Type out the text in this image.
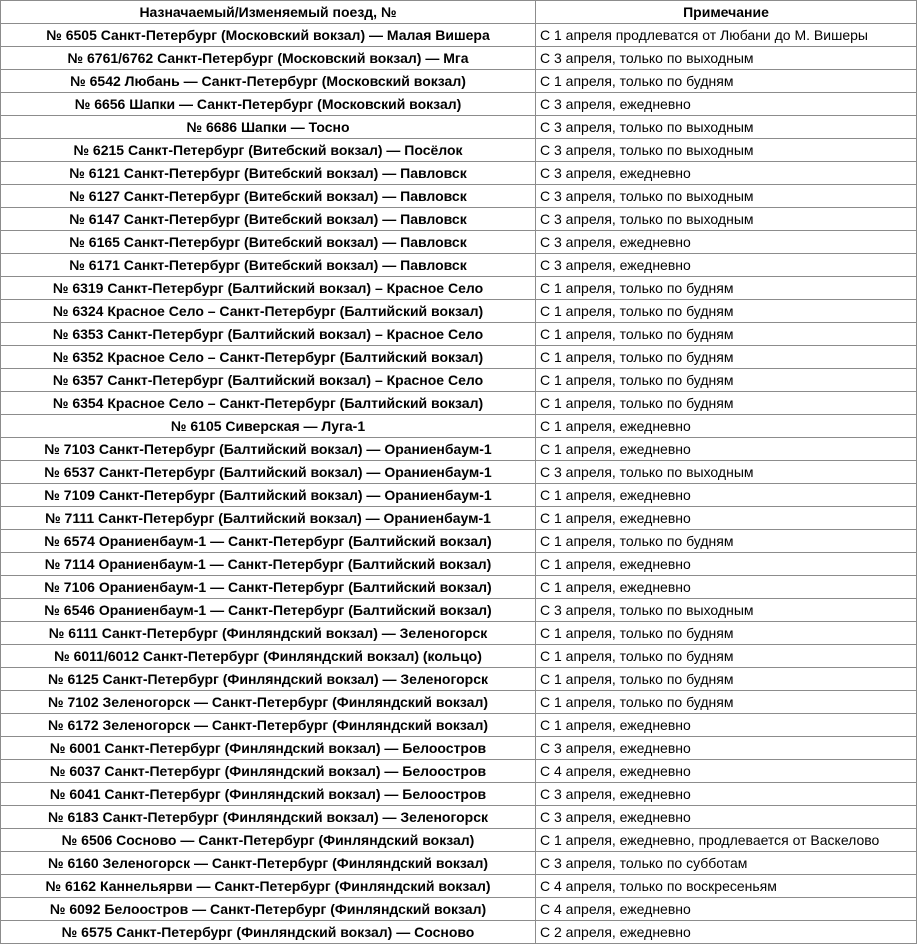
Назначаемый/Изменяемый поезд, №	Примечание
№ 6505 Санкт-Петербург (Московский вокзал) — Малая Вишера	С 1 апреля продлеватся от Любани до М. Вишеры
№ 6761/6762 Санкт-Петербург (Московский вокзал) — Мга	С 3 апреля, только по выходным
№ 6542 Любань — Санкт-Петербург (Московский вокзал)	С 1 апреля, только по будням
№ 6656 Шапки — Санкт-Петербург (Московский вокзал)	С 3 апреля, ежедневно
№ 6686 Шапки — Тосно	С 3 апреля, только по выходным
№ 6215 Санкт-Петербург (Витебский вокзал) — Посёлок	С 3 апреля, только по выходным
№ 6121 Санкт-Петербург (Витебский вокзал) — Павловск	С 3 апреля, ежедневно
№ 6127 Санкт-Петербург (Витебский вокзал) — Павловск	С 3 апреля, только по выходным
№ 6147 Санкт-Петербург (Витебский вокзал) — Павловск	С 3 апреля, только по выходным
№ 6165 Санкт-Петербург (Витебский вокзал) — Павловск	С 3 апреля, ежедневно
№ 6171 Санкт-Петербург (Витебский вокзал) — Павловск	С 3 апреля, ежедневно
№ 6319 Санкт-Петербург (Балтийский вокзал) – Красное Село	С 1 апреля, только по будням
№ 6324 Красное Село – Санкт-Петербург (Балтийский вокзал)	С 1 апреля, только по будням
№ 6353 Санкт-Петербург (Балтийский вокзал) – Красное Село	С 1 апреля, только по будням
№ 6352 Красное Село – Санкт-Петербург (Балтийский вокзал)	С 1 апреля, только по будням
№ 6357 Санкт-Петербург (Балтийский вокзал) – Красное Село	С 1 апреля, только по будням
№ 6354 Красное Село – Санкт-Петербург (Балтийский вокзал)	С 1 апреля, только по будням
№ 6105 Сиверская — Луга-1	С 1 апреля, ежедневно
№ 7103 Санкт-Петербург (Балтийский вокзал) — Ораниенбаум-1	С 1 апреля, ежедневно
№ 6537 Санкт-Петербург (Балтийский вокзал) — Ораниенбаум-1	С 3 апреля, только по выходным
№ 7109 Санкт-Петербург (Балтийский вокзал) — Ораниенбаум-1	С 1 апреля, ежедневно
№ 7111 Санкт-Петербург (Балтийский вокзал) — Ораниенбаум-1	С 1 апреля, ежедневно
№ 6574 Ораниенбаум-1 — Санкт-Петербург (Балтийский вокзал)	С 1 апреля, только по будням
№ 7114 Ораниенбаум-1 — Санкт-Петербург (Балтийский вокзал)	С 1 апреля, ежедневно
№ 7106 Ораниенбаум-1 — Санкт-Петербург (Балтийский вокзал)	С 1 апреля, ежедневно
№ 6546 Ораниенбаум-1 — Санкт-Петербург (Балтийский вокзал)	С 3 апреля, только по выходным
№ 6111 Санкт-Петербург (Финляндский вокзал) — Зеленогорск	С 1 апреля, только по будням
№ 6011/6012 Санкт-Петербург (Финляндский вокзал) (кольцо)	С 1 апреля, только по будням
№ 6125 Санкт-Петербург (Финляндский вокзал) — Зеленогорск	С 1 апреля, только по будням
№ 7102 Зеленогорск — Санкт-Петербург (Финляндский вокзал)	С 1 апреля, только по будням
№ 6172 Зеленогорск — Санкт-Петербург (Финляндский вокзал)	С 1 апреля, ежедневно
№ 6001 Санкт-Петербург (Финляндский вокзал) — Белоостров	С 3 апреля, ежедневно
№ 6037 Санкт-Петербург (Финляндский вокзал) — Белоостров	С 4 апреля, ежедневно
№ 6041 Санкт-Петербург (Финляндский вокзал) — Белоостров	С 3 апреля, ежедневно
№ 6183 Санкт-Петербург (Финляндский вокзал) — Зеленогорск	С 3 апреля, ежедневно
№ 6506 Сосново — Санкт-Петербург (Финляндский вокзал)	С 1 апреля, ежедневно, продлевается от Васкелово
№ 6160 Зеленогорск — Санкт-Петербург (Финляндский вокзал)	С 3 апреля, только по субботам
№ 6162 Каннельярви — Санкт-Петербург (Финляндский вокзал)	С 4 апреля, только по воскресеньям
№ 6092 Белоостров — Санкт-Петербург (Финляндский вокзал)	С 4 апреля, ежедневно
№ 6575 Санкт-Петербург (Финляндский вокзал) — Сосново	С 2 апреля, ежедневно
